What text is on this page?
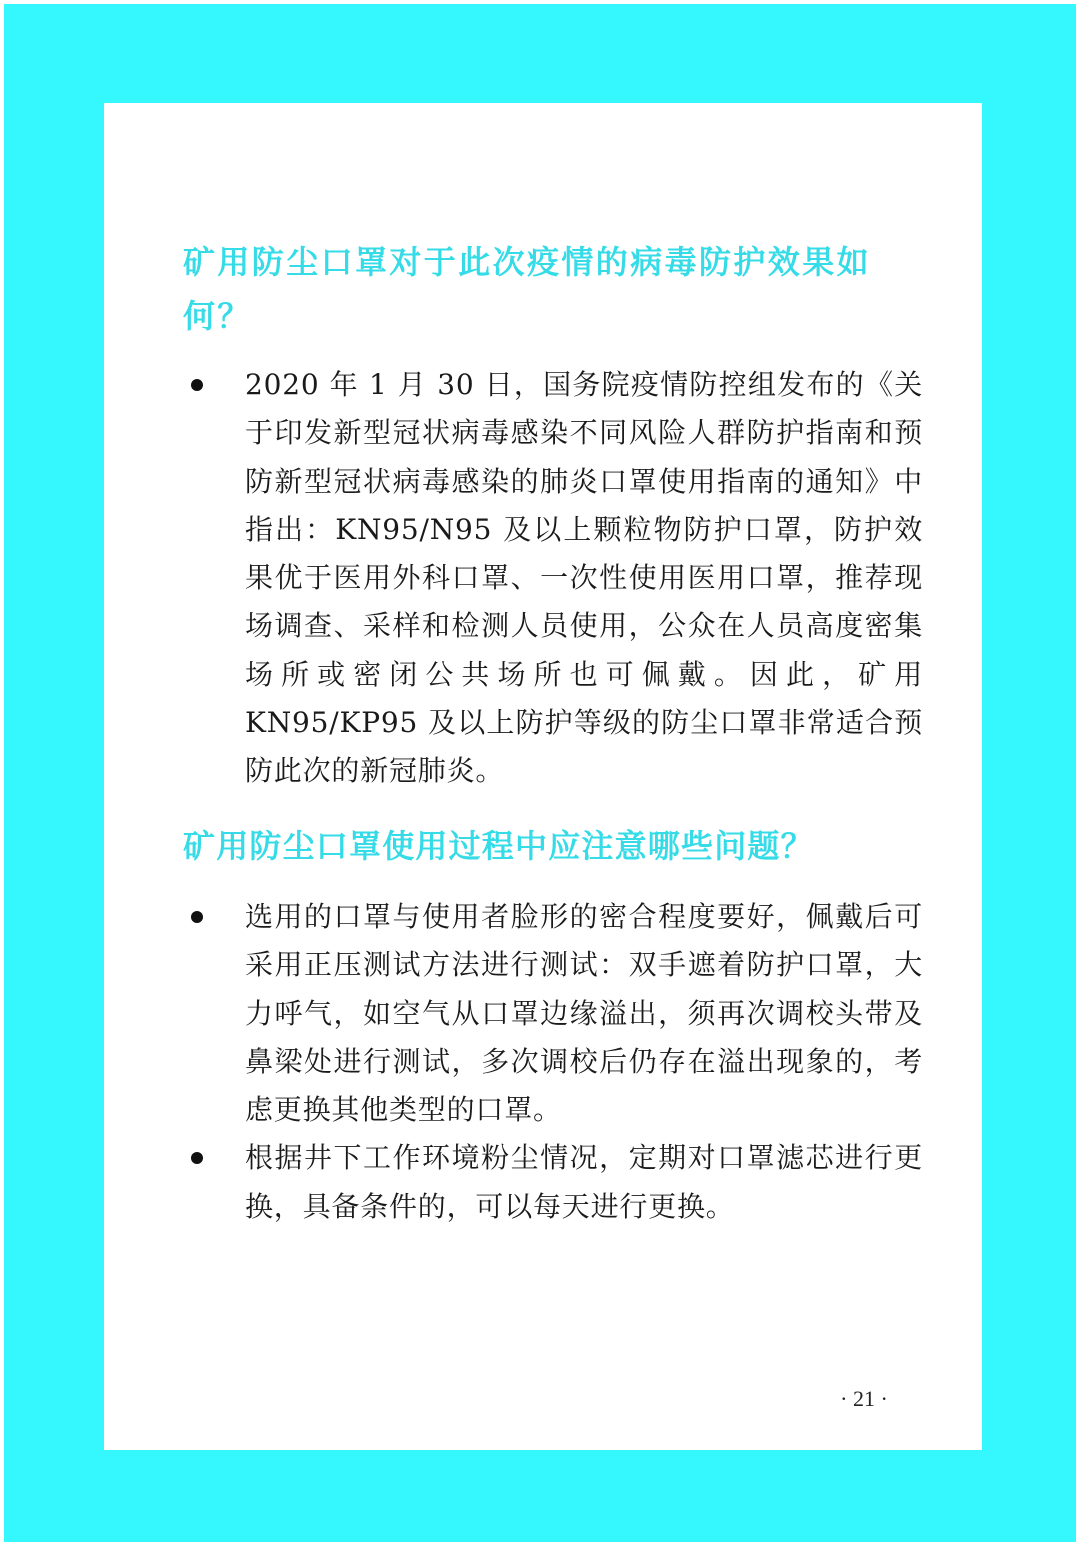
矿用防尘口罩对于此次疫情的病毒防护效果如何？
2020 年 1 月 30 日，国务院疫情防控组发布的《关于印发新型冠状病毒感染不同风险人群防护指南和预防新型冠状病毒感染的肺炎口罩使用指南的通知》中指出：KN95/N95 及以上颗粒物防护口罩，防护效果优于医用外科口罩、一次性使用医用口罩，推荐现场调查、采样和检测人员使用，公众在人员高度密集场所或密闭公共场所也可佩戴。因此，矿用 KN95/KP95 及以上防护等级的防尘口罩非常适合预防此次的新冠肺炎。
矿用防尘口罩使用过程中应注意哪些问题？
选用的口罩与使用者脸形的密合程度要好，佩戴后可采用正压测试方法进行测试：双手遮着防护口罩，大力呼气，如空气从口罩边缘溢出，须再次调校头带及鼻梁处进行测试，多次调校后仍存在溢出现象的，考虑更换其他类型的口罩。
根据井下工作环境粉尘情况，定期对口罩滤芯进行更换，具备条件的，可以每天进行更换。
· 21 ·
